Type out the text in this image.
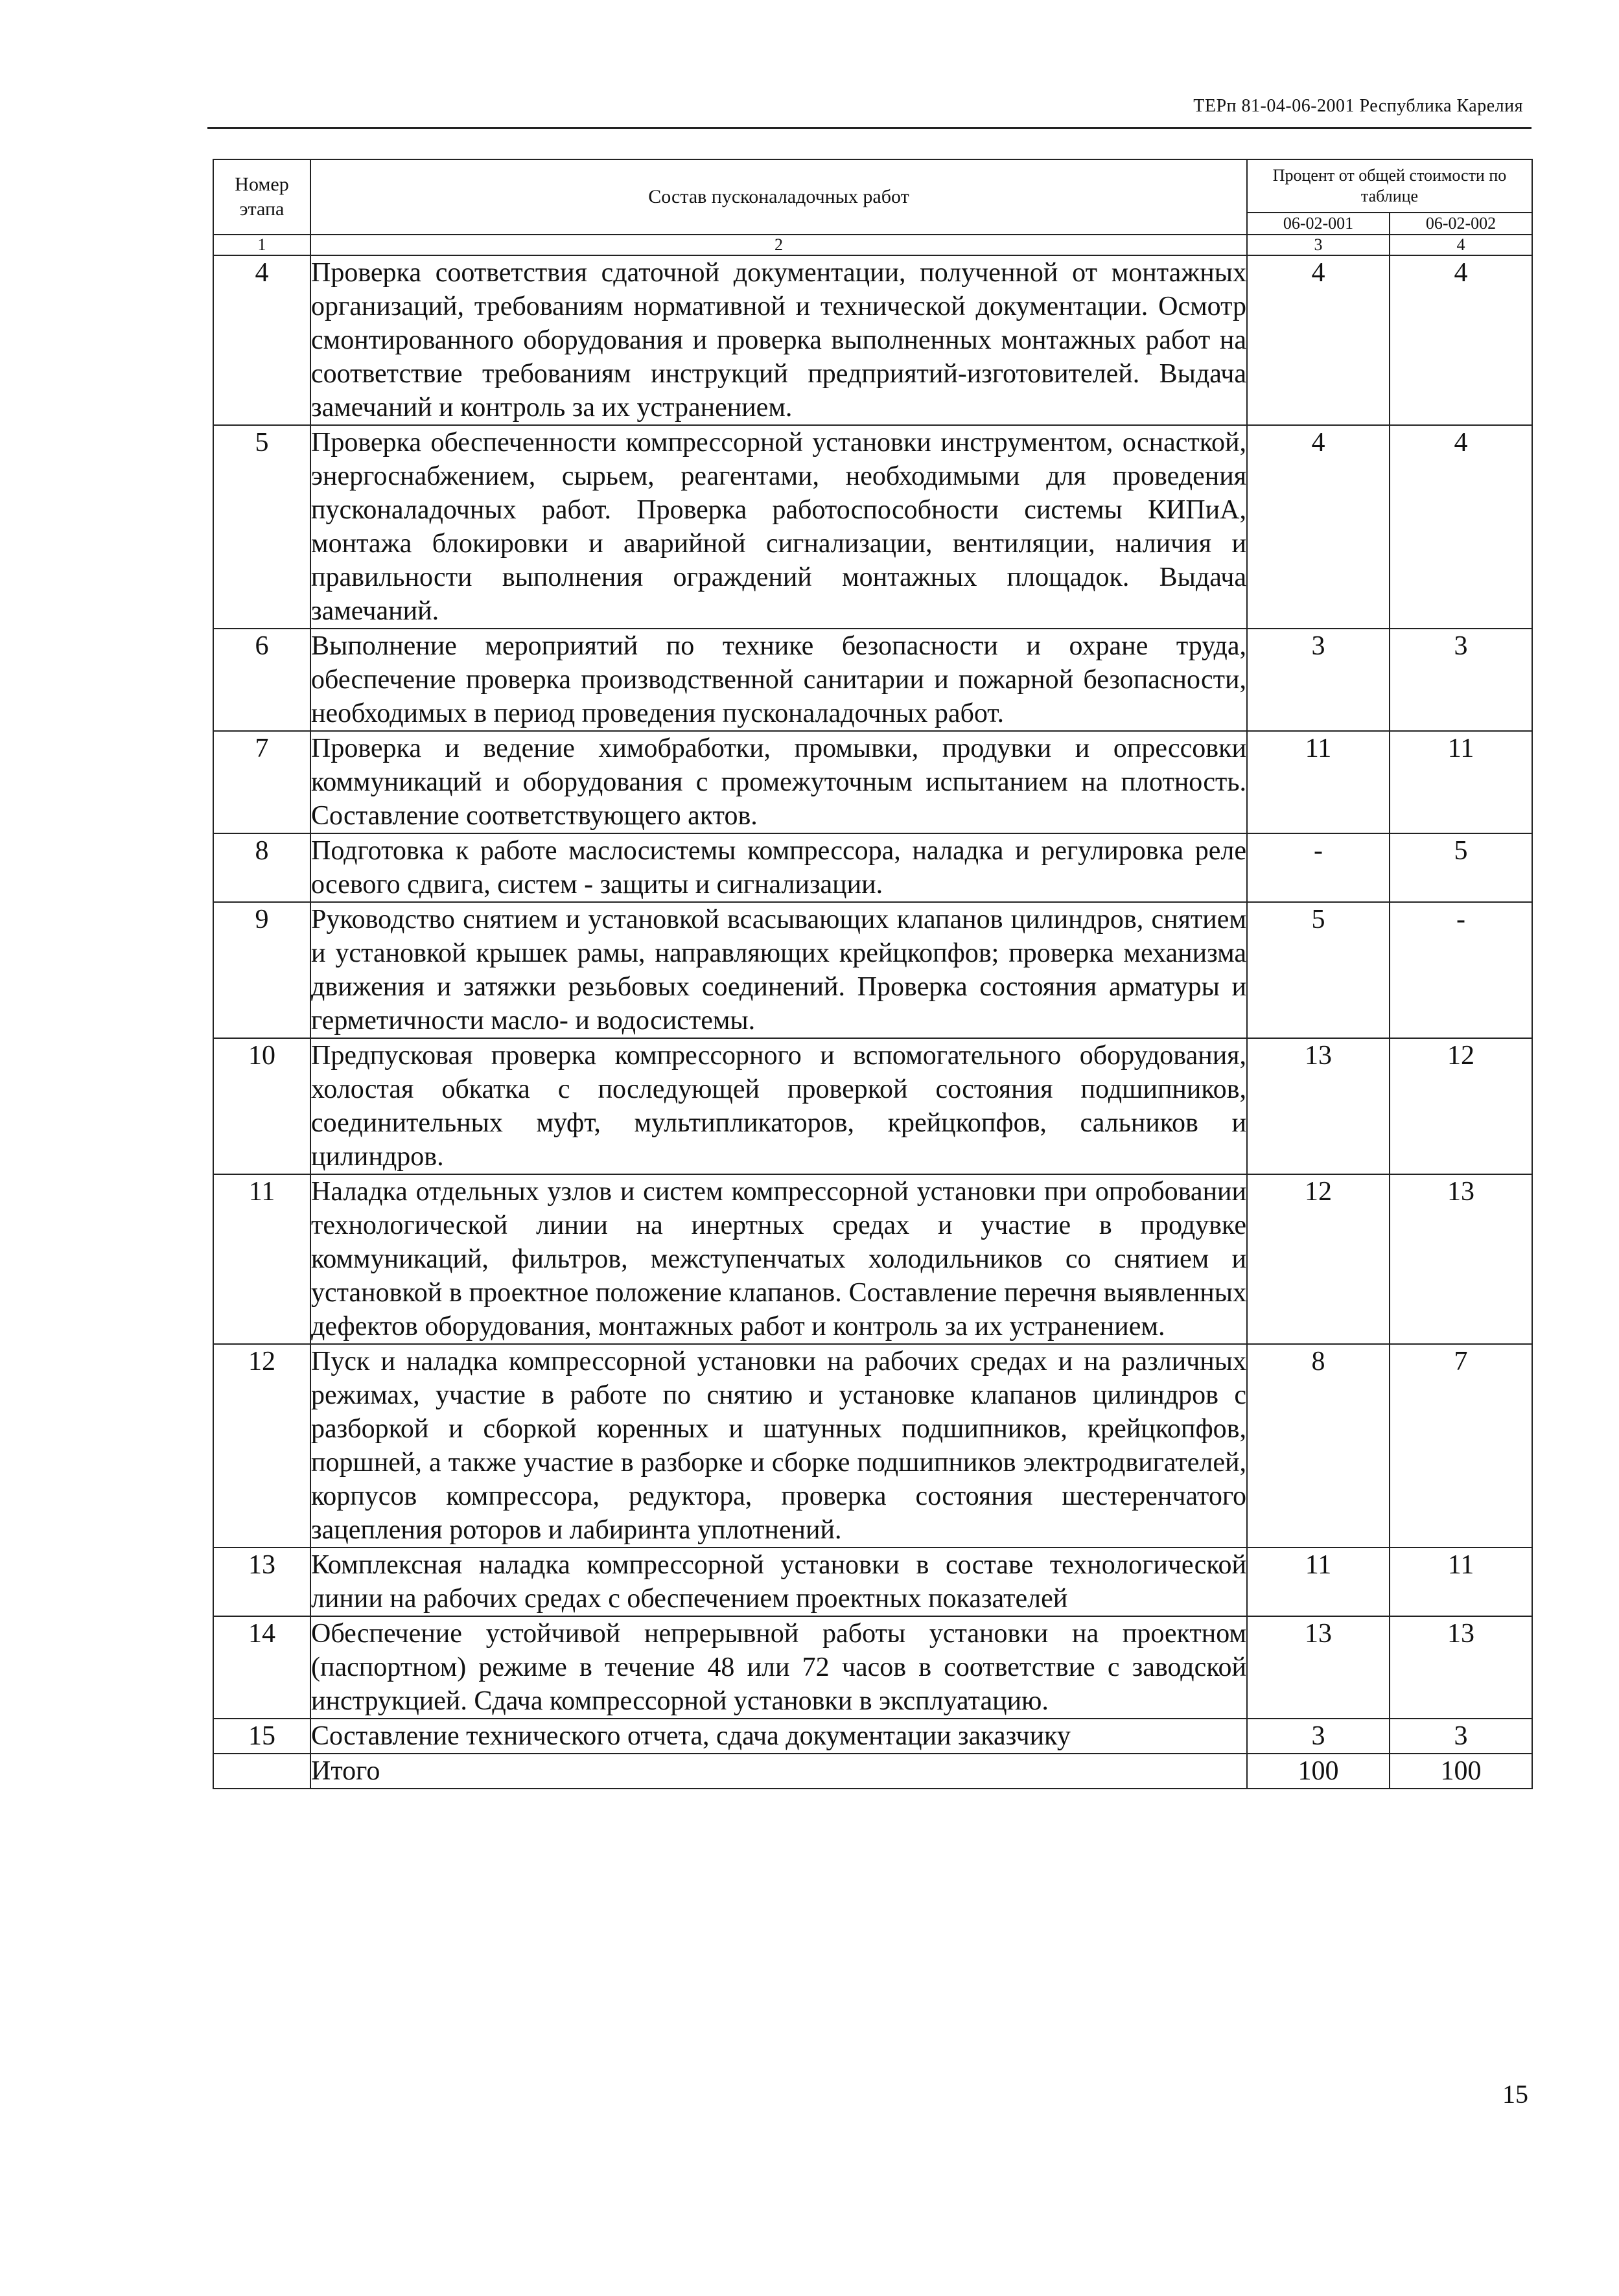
ТЕРп 81-04-06-2001 Республика Карелия
Номер этапа	Состав пусконаладочных работ	Процент от общей стоимости по таблице	
		06-02-001	06-02-002
1	2	3	4
4	Проверка соответствия сдаточной документации, полученной от монтажных организаций, требованиям нормативной и технической документации. Осмотр смонтированного оборудования и проверка выполненных монтажных работ на соответствие требованиям инструкций предприятий-изготовителей. Выдача замечаний и контроль за их устранением.	4	4
5	Проверка обеспеченности компрессорной установки инструментом, оснасткой, энергоснабжением, сырьем, реагентами, необходимыми для проведения пусконаладочных работ. Проверка работоспособности системы КИПиА, монтажа блокировки и аварийной сигнализации, вентиляции, наличия и правильности выполнения ограждений монтажных площадок. Выдача замечаний.	4	4
6	Выполнение мероприятий по технике безопасности и охране труда, обеспечение проверка производственной санитарии и пожарной безопасности, необходимых в период проведения пусконаладочных работ.	3	3
7	Проверка и ведение химобработки, промывки, продувки и опрессовки коммуникаций и оборудования с промежуточным испытанием на плотность. Составление соответствующего актов.	11	11
8	Подготовка к работе маслосистемы компрессора, наладка и регулировка реле осевого сдвига, систем - защиты и сигнализации.	-	5
9	Руководство снятием и установкой всасывающих клапанов цилиндров, снятием и установкой крышек рамы, направляющих крейцкопфов; проверка механизма движения и затяжки резьбовых соединений. Проверка состояния арматуры и герметичности масло- и водосистемы.	5	-
10	Предпусковая проверка компрессорного и вспомогательного оборудования, холостая обкатка с последующей проверкой состояния подшипников, соединительных муфт, мультипликаторов, крейцкопфов, сальников и цилиндров.	13	12
11	Наладка отдельных узлов и систем компрессорной установки при опробовании технологической линии на инертных средах и участие в продувке коммуникаций, фильтров, межступенчатых холодильников со снятием и установкой в проектное положение клапанов. Составление перечня выявленных дефектов оборудования, монтажных работ и контроль за их устранением.	12	13
12	Пуск и наладка компрессорной установки на рабочих средах и на различных режимах, участие в работе по снятию и установке клапанов цилиндров с разборкой и сборкой коренных и шатунных подшипников, крейцкопфов, поршней, а также участие в разборке и сборке подшипников электродвигателей, корпусов компрессора, редуктора, проверка состояния шестеренчатого зацепления роторов и лабиринта уплотнений.	8	7
13	Комплексная наладка компрессорной установки в составе технологической линии на рабочих средах с обеспечением проектных показателей	11	11
14	Обеспечение устойчивой непрерывной работы установки на проектном (паспортном) режиме в течение 48 или 72 часов в соответствие с заводской инструкцией. Сдача компрессорной установки в эксплуатацию.	13	13
15	Составление технического отчета, сдача документации заказчику	3	3
	Итого	100	100
15
